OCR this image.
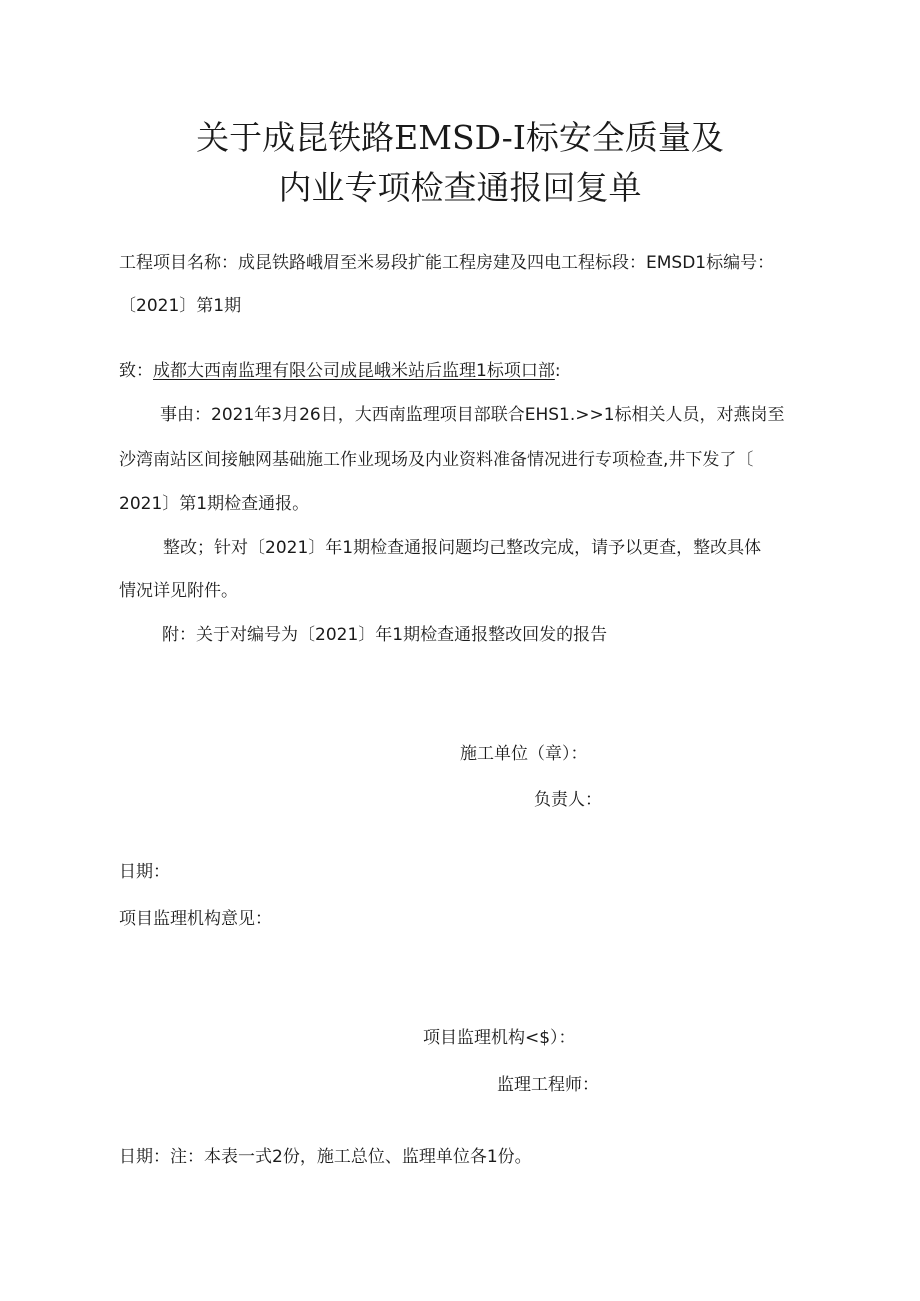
关于成昆铁路EMSD-I标安全质量及
内业专项检查通报回复单

工程项目名称：成昆铁路峨眉至米易段扩能工程房建及四电工程标段：EMSD1标编号：

〔2021〕第1期

致：成都大西南监理有限公司成昆峨米站后监理1标项口部:

事由：2021年3月26日，大西南监理项目部联合EHS1.>>1标相关人员，对燕岗至

沙湾南站区间接触网基础施工作业现场及内业资料准备情况进行专项检查,井下发了〔

2021〕第1期检查通报。

整改；针对〔2021〕年1期检查通报问题均己整改完成，请予以更查，整改具体

情况详见附件。

附：关于对编号为〔2021〕年1期检查通报整改回发的报告

施工单位（章）：

负责人：

日期：

项目监理机构意见：

项目监理机构<$）：

监理工程师：

日期：注：本表一式2份，施工总位、监理单位各1份。
